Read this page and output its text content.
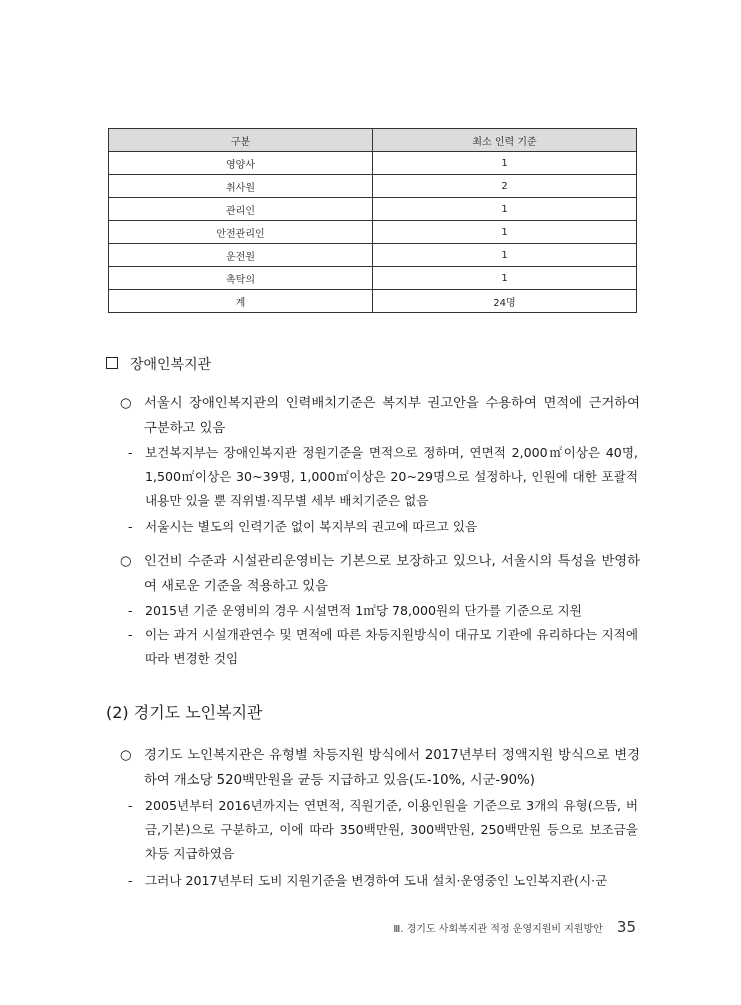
구분	최소 인력 기준
영양사	1
취사원	2
관리인	1
안전관리인	1
운전원	1
촉탁의	1
계	24명
장애인복지관
○ 서울시 장애인복지관의 인력배치기준은 복지부 권고안을 수용하여 면적에 근거하여 구분하고 있음
- 보건복지부는 장애인복지관 정원기준을 면적으로 정하며, 연면적 2,000㎡이상은 40명, 1,500㎡이상은 30~39명, 1,000㎡이상은 20~29명으로 설정하나, 인원에 대한 포괄적 내용만 있을 뿐 직위별·직무별 세부 배치기준은 없음
- 서울시는 별도의 인력기준 없이 복지부의 권고에 따르고 있음
○ 인건비 수준과 시설관리운영비는 기본으로 보장하고 있으나, 서울시의 특성을 반영하여 새로운 기준을 적용하고 있음
- 2015년 기준 운영비의 경우 시설면적 1㎡당 78,000원의 단가를 기준으로 지원
- 이는 과거 시설개관연수 및 면적에 따른 차등지원방식이 대규모 기관에 유리하다는 지적에 따라 변경한 것임
(2) 경기도 노인복지관
○ 경기도 노인복지관은 유형별 차등지원 방식에서 2017년부터 정액지원 방식으로 변경하여 개소당 520백만원을 균등 지급하고 있음(도-10%, 시군-90%)
- 2005년부터 2016년까지는 연면적, 직원기준, 이용인원을 기준으로 3개의 유형(으뜸, 버금,기본)으로 구분하고, 이에 따라 350백만원, 300백만원, 250백만원 등으로 보조금을 차등 지급하였음
- 그러나 2017년부터 도비 지원기준을 변경하여 도내 설치·운영중인 노인복지관(시·군
Ⅲ. 경기도 사회복지관 적정 운영지원비 지원방안 35
